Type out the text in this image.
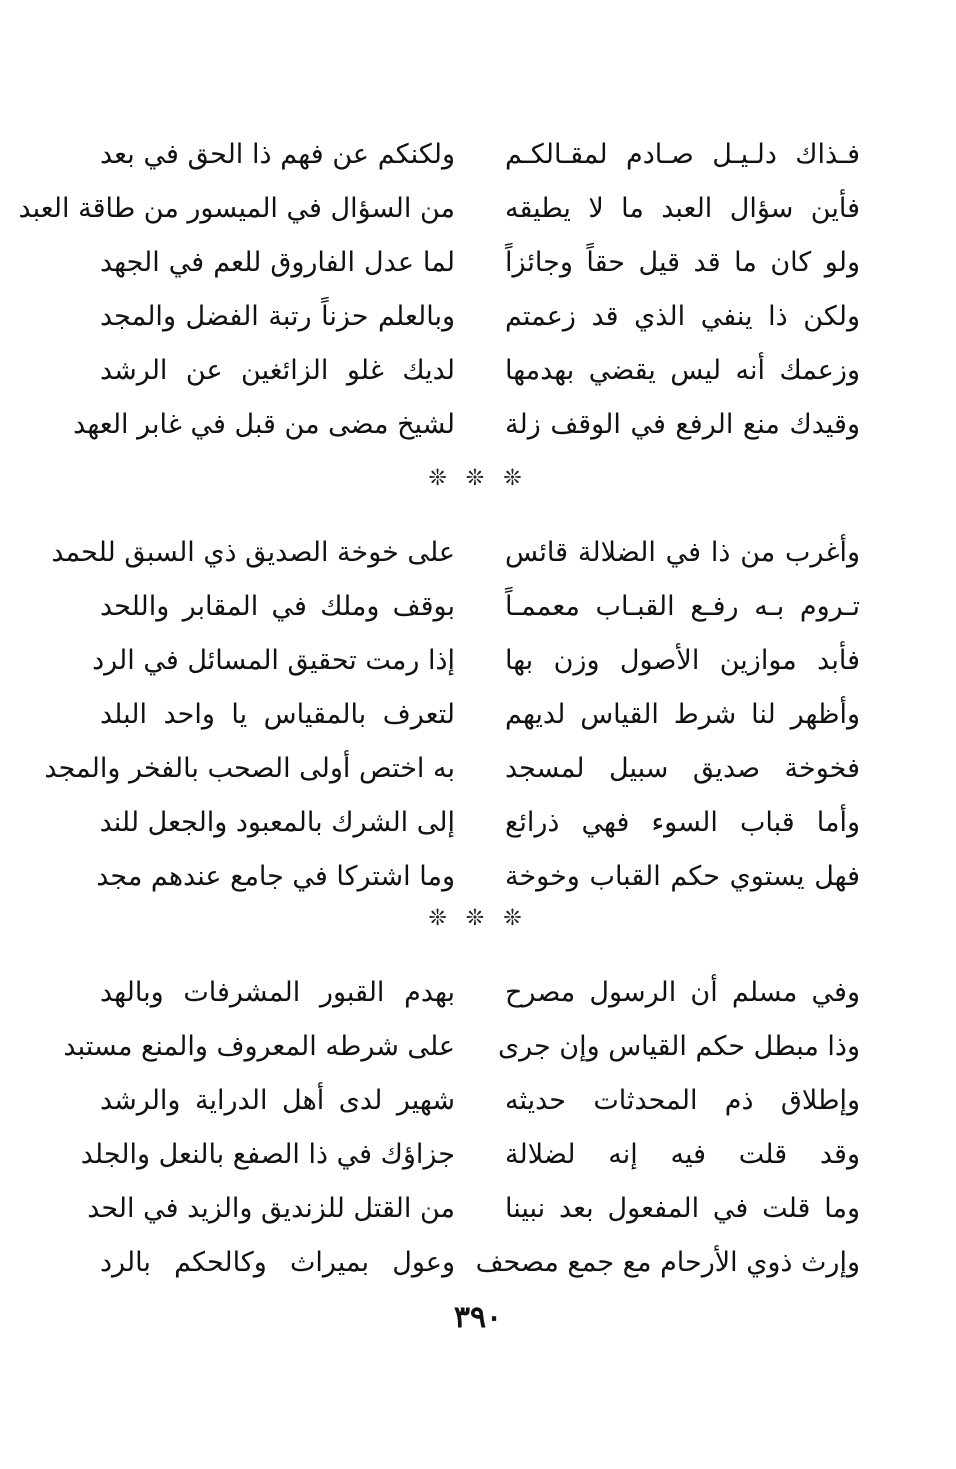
فـذاك دلـيـل صـادم لمقـالكـم
ولكنكم عن فهم ذا الحق في بعد
فأين سؤال العبد ما لا يطيقه
من السؤال في الميسور من طاقة العبد
ولو كان ما قد قيل حقاً وجائزاً
لما عدل الفاروق للعم في الجهد
ولكن ذا ينفي الذي قد زعمتم
وبالعلم حزناً رتبة الفضل والمجد
وزعمك أنه ليس يقضي بهدمها
لديك غلو الزائغين عن الرشد
وقيدك منع الرفع في الوقف زلة
لشيخ مضى من قبل في غابر العهد
❊ ❊ ❊
وأغرب من ذا في الضلالة قائس
على خوخة الصديق ذي السبق للحمد
تـروم بـه رفـع القبـاب معممـاً
بوقف وملك في المقابر واللحد
فأبد موازين الأصول وزن بها
إذا رمت تحقيق المسائل في الرد
وأظهر لنا شرط القياس لديهم
لتعرف بالمقياس يا واحد البلد
فخوخة صديق سبيل لمسجد
به اختص أولى الصحب بالفخر والمجد
وأما قباب السوء فهي ذرائع
إلى الشرك بالمعبود والجعل للند
فهل يستوي حكم القباب وخوخة
وما اشتركا في جامع عندهم مجد
❊ ❊ ❊
وفي مسلم أن الرسول مصرح
بهدم القبور المشرفات وبالهد
وذا مبطل حكم القياس وإن جرى
على شرطه المعروف والمنع مستبد
وإطلاق ذم المحدثات حديثه
شهير لدى أهل الدراية والرشد
وقد قلت فيه إنه لضلالة
جزاؤك في ذا الصفع بالنعل والجلد
وما قلت في المفعول بعد نبينا
من القتل للزنديق والزيد في الحد
وإرث ذوي الأرحام مع جمع مصحف
وعول بميراث وكالحكم بالرد
٣٩٠
